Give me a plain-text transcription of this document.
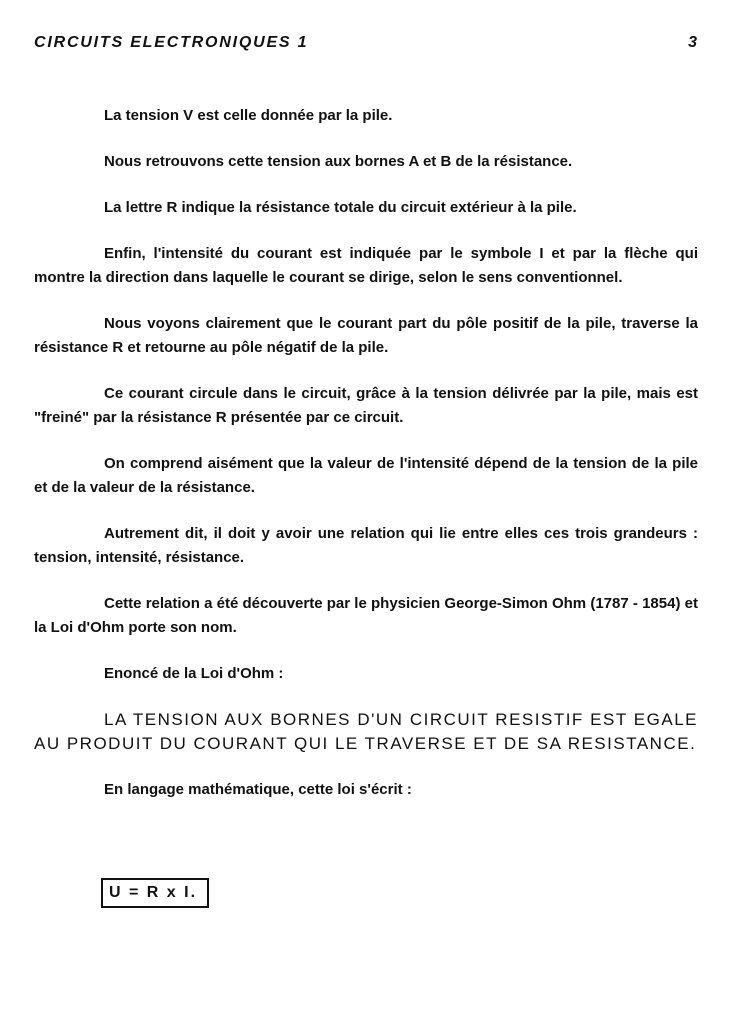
CIRCUITS ELECTRONIQUES 1	3

La tension V est celle donnée par la pile.

Nous retrouvons cette tension aux bornes A et B de la résistance.

La lettre R indique la résistance totale du circuit extérieur à la pile.

Enfin, l'intensité du courant est indiquée par le symbole I et par la flèche qui montre la direction dans laquelle le courant se dirige, selon le sens conventionnel.

Nous voyons clairement que le courant part du pôle positif de la pile, traverse la résistance R et retourne au pôle négatif de la pile.

Ce courant circule dans le circuit, grâce à la tension délivrée par la pile, mais est "freiné" par la résistance R présentée par ce circuit.

On comprend aisément que la valeur de l'intensité dépend de la tension de la pile et de la valeur de la résistance.

Autrement dit, il doit y avoir une relation qui lie entre elles ces trois grandeurs : tension, intensité, résistance.

Cette relation a été découverte par le physicien George-Simon Ohm (1787 - 1854) et la Loi d'Ohm porte son nom.

Enoncé de la Loi d'Ohm :

LA TENSION AUX BORNES D'UN CIRCUIT RESISTIF EST EGALE AU PRODUIT DU COURANT QUI LE TRAVERSE ET DE SA RESISTANCE.

En langage mathématique, cette loi s'écrit :

U = R x I.
